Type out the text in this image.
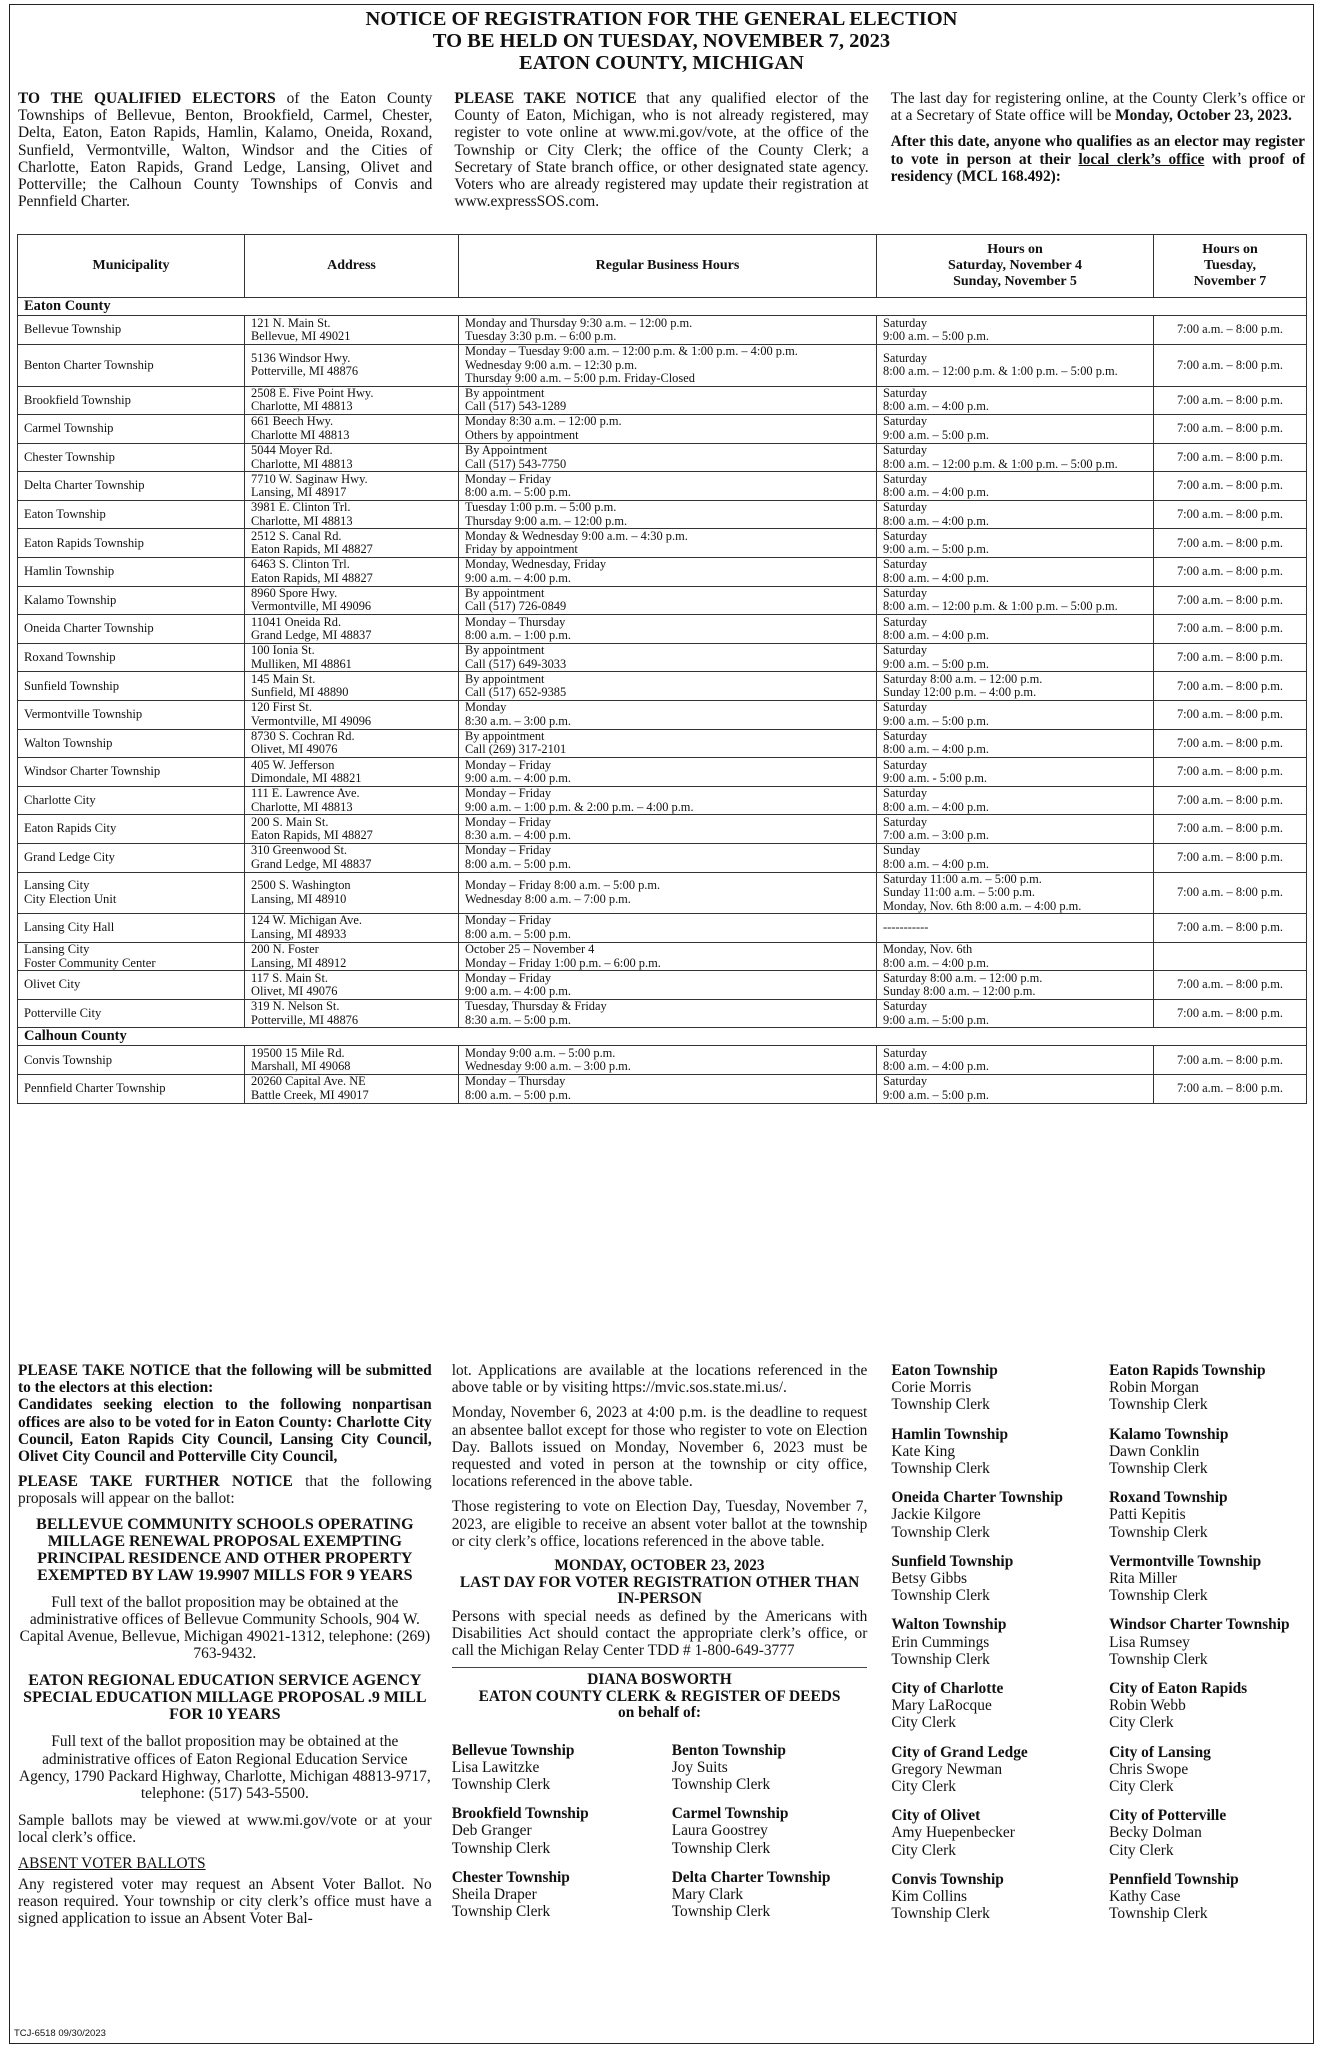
NOTICE OF REGISTRATION FOR THE GENERAL ELECTION
TO BE HELD ON TUESDAY, NOVEMBER 7, 2023
EATON COUNTY, MICHIGAN

TO THE QUALIFIED ELECTORS of the Eaton County Townships of Bellevue, Benton, Brookfield, Carmel, Chester, Delta, Eaton, Eaton Rapids, Hamlin, Kalamo, Oneida, Roxand, Sunfield, Vermontville, Walton, Windsor and the Cities of Charlotte, Eaton Rapids, Grand Ledge, Lansing, Olivet and Potterville; the Calhoun County Townships of Convis and Pennfield Charter.

PLEASE TAKE NOTICE that any qualified elector of the County of Eaton, Michigan, who is not already registered, may register to vote online at www.mi.gov/vote, at the office of the Township or City Clerk; the office of the County Clerk; a Secretary of State branch office, or other designated state agency. Voters who are already registered may update their registration at www.expressSOS.com.

The last day for registering online, at the County Clerk’s office or at a Secretary of State office will be Monday, October 23, 2023.

After this date, anyone who qualifies as an elector may register to vote in person at their local clerk’s office with proof of residency (MCL 168.492):

Municipality	Address	Regular Business Hours	Hours on
Saturday, November 4
Sunday, November 5	Hours on
Tuesday,
November 7
Eaton County				
Bellevue Township	121 N. Main St.
Bellevue, MI 49021	Monday and Thursday 9:30 a.m. – 12:00 p.m.
Tuesday 3:30 p.m. – 6:00 p.m.	Saturday
9:00 a.m. – 5:00 p.m.	7:00 a.m. – 8:00 p.m.
Benton Charter Township	5136 Windsor Hwy.
Potterville, MI 48876	Monday – Tuesday 9:00 a.m. – 12:00 p.m. & 1:00 p.m. – 4:00 p.m.
Wednesday 9:00 a.m. – 12:30 p.m.
Thursday 9:00 a.m. – 5:00 p.m. Friday-Closed	Saturday
8:00 a.m. – 12:00 p.m. & 1:00 p.m. – 5:00 p.m.	7:00 a.m. – 8:00 p.m.
Brookfield Township	2508 E. Five Point Hwy.
Charlotte, MI 48813	By appointment
Call (517) 543-1289	Saturday
8:00 a.m. – 4:00 p.m.	7:00 a.m. – 8:00 p.m.
Carmel Township	661 Beech Hwy.
Charlotte MI 48813	Monday 8:30 a.m. – 12:00 p.m.
Others by appointment	Saturday
9:00 a.m. – 5:00 p.m.	7:00 a.m. – 8:00 p.m.
Chester Township	5044 Moyer Rd.
Charlotte, MI 48813	By Appointment
Call (517) 543-7750	Saturday
8:00 a.m. – 12:00 p.m. & 1:00 p.m. – 5:00 p.m.	7:00 a.m. – 8:00 p.m.
Delta Charter Township	7710 W. Saginaw Hwy.
Lansing, MI 48917	Monday – Friday
8:00 a.m. – 5:00 p.m.	Saturday
8:00 a.m. – 4:00 p.m.	7:00 a.m. – 8:00 p.m.
Eaton Township	3981 E. Clinton Trl.
Charlotte, MI 48813	Tuesday 1:00 p.m. – 5:00 p.m.
Thursday 9:00 a.m. – 12:00 p.m.	Saturday
8:00 a.m. – 4:00 p.m.	7:00 a.m. – 8:00 p.m.
Eaton Rapids Township	2512 S. Canal Rd.
Eaton Rapids, MI 48827	Monday & Wednesday 9:00 a.m. – 4:30 p.m.
Friday by appointment	Saturday
9:00 a.m. – 5:00 p.m.	7:00 a.m. – 8:00 p.m.
Hamlin Township	6463 S. Clinton Trl.
Eaton Rapids, MI 48827	Monday, Wednesday, Friday
9:00 a.m. – 4:00 p.m.	Saturday
8:00 a.m. – 4:00 p.m.	7:00 a.m. – 8:00 p.m.
Kalamo Township	8960 Spore Hwy.
Vermontville, MI 49096	By appointment
Call (517) 726-0849	Saturday
8:00 a.m. – 12:00 p.m. & 1:00 p.m. – 5:00 p.m.	7:00 a.m. – 8:00 p.m.
Oneida Charter Township	11041 Oneida Rd.
Grand Ledge, MI 48837	Monday – Thursday
8:00 a.m. – 1:00 p.m.	Saturday
8:00 a.m. – 4:00 p.m.	7:00 a.m. – 8:00 p.m.
Roxand Township	100 Ionia St.
Mulliken, MI 48861	By appointment
Call (517) 649-3033	Saturday
9:00 a.m. – 5:00 p.m.	7:00 a.m. – 8:00 p.m.
Sunfield Township	145 Main St.
Sunfield, MI 48890	By appointment
Call (517) 652-9385	Saturday 8:00 a.m. – 12:00 p.m.
Sunday 12:00 p.m. – 4:00 p.m.	7:00 a.m. – 8:00 p.m.
Vermontville Township	120 First St.
Vermontville, MI 49096	Monday
8:30 a.m. – 3:00 p.m.	Saturday
9:00 a.m. – 5:00 p.m.	7:00 a.m. – 8:00 p.m.
Walton Township	8730 S. Cochran Rd.
Olivet, MI 49076	By appointment
Call (269) 317-2101	Saturday
8:00 a.m. – 4:00 p.m.	7:00 a.m. – 8:00 p.m.
Windsor Charter Township	405 W. Jefferson
Dimondale, MI 48821	Monday – Friday
9:00 a.m. – 4:00 p.m.	Saturday
9:00 a.m. - 5:00 p.m.	7:00 a.m. – 8:00 p.m.
Charlotte City	111 E. Lawrence Ave.
Charlotte, MI 48813	Monday – Friday
9:00 a.m. – 1:00 p.m. & 2:00 p.m. – 4:00 p.m.	Saturday
8:00 a.m. – 4:00 p.m.	7:00 a.m. – 8:00 p.m.
Eaton Rapids City	200 S. Main St.
Eaton Rapids, MI 48827	Monday – Friday
8:30 a.m. – 4:00 p.m.	Saturday
7:00 a.m. – 3:00 p.m.	7:00 a.m. – 8:00 p.m.
Grand Ledge City	310 Greenwood St.
Grand Ledge, MI 48837	Monday – Friday
8:00 a.m. – 5:00 p.m.	Sunday
8:00 a.m. – 4:00 p.m.	7:00 a.m. – 8:00 p.m.
Lansing City
City Election Unit	2500 S. Washington
Lansing, MI 48910	Monday – Friday 8:00 a.m. – 5:00 p.m.
Wednesday 8:00 a.m. – 7:00 p.m.	Saturday 11:00 a.m. – 5:00 p.m.
Sunday 11:00 a.m. – 5:00 p.m.
Monday, Nov. 6th 8:00 a.m. – 4:00 p.m.	7:00 a.m. – 8:00 p.m.
Lansing City Hall	124 W. Michigan Ave.
Lansing, MI 48933	Monday – Friday
8:00 a.m. – 5:00 p.m.	-----------	7:00 a.m. – 8:00 p.m.
Lansing City
Foster Community Center	200 N. Foster
Lansing, MI 48912	October 25 – November 4
Monday – Friday 1:00 p.m. – 6:00 p.m.	Monday, Nov. 6th
8:00 a.m. – 4:00 p.m.	
Olivet City	117 S. Main St.
Olivet, MI 49076	Monday – Friday
9:00 a.m. – 4:00 p.m.	Saturday 8:00 a.m. – 12:00 p.m.
Sunday 8:00 a.m. – 12:00 p.m.	7:00 a.m. – 8:00 p.m.
Potterville City	319 N. Nelson St.
Potterville, MI 48876	Tuesday, Thursday & Friday
8:30 a.m. – 5:00 p.m.	Saturday
9:00 a.m. – 5:00 p.m.	7:00 a.m. – 8:00 p.m.
Calhoun County				
Convis Township	19500 15 Mile Rd.
Marshall, MI 49068	Monday 9:00 a.m. – 5:00 p.m.
Wednesday 9:00 a.m. – 3:00 p.m.	Saturday
8:00 a.m. – 4:00 p.m.	7:00 a.m. – 8:00 p.m.
Pennfield Charter Township	20260 Capital Ave. NE
Battle Creek, MI 49017	Monday – Thursday
8:00 a.m. – 5:00 p.m.	Saturday
9:00 a.m. – 5:00 p.m.	7:00 a.m. – 8:00 p.m.

PLEASE TAKE NOTICE that the following will be submitted to the electors at this election:

Candidates seeking election to the following nonpartisan offices are also to be voted for in Eaton County: Charlotte City Council, Eaton Rapids City Council, Lansing City Council, Olivet City Council and Potterville City Council,

PLEASE TAKE FURTHER NOTICE that the following proposals will appear on the ballot:

BELLEVUE COMMUNITY SCHOOLS OPERATING MILLAGE RENEWAL PROPOSAL EXEMPTING PRINCIPAL RESIDENCE AND OTHER PROPERTY EXEMPTED BY LAW 19.9907 MILLS FOR 9 YEARS
Full text of the ballot proposition may be obtained at the administrative offices of Bellevue Community Schools, 904 W. Capital Avenue, Bellevue, Michigan 49021-1312, telephone: (269) 763-9432.
EATON REGIONAL EDUCATION SERVICE AGENCY SPECIAL EDUCATION MILLAGE PROPOSAL .9 MILL FOR 10 YEARS
Full text of the ballot proposition may be obtained at the administrative offices of Eaton Regional Education Service Agency, 1790 Packard Highway, Charlotte, Michigan 48813-9717, telephone: (517) 543-5500.

Sample ballots may be viewed at www.mi.gov/vote or at your local clerk’s office.

ABSENT VOTER BALLOTS

Any registered voter may request an Absent Voter Ballot. No reason required. Your township or city clerk’s office must have a signed application to issue an Absent Voter Bal-

lot. Applications are available at the locations referenced in the above table or by visiting https://mvic.sos.state.mi.us/.

Monday, November 6, 2023 at 4:00 p.m. is the deadline to request an absentee ballot except for those who register to vote on Election Day. Ballots issued on Monday, November 6, 2023 must be requested and voted in person at the township or city office, locations referenced in the above table.

Those registering to vote on Election Day, Tuesday, November 7, 2023, are eligible to receive an absent voter ballot at the township or city clerk’s office, locations referenced in the above table.

MONDAY, OCTOBER 23, 2023
LAST DAY FOR VOTER REGISTRATION OTHER THAN IN-PERSON

Persons with special needs as defined by the Americans with Disabilities Act should contact the appropriate clerk’s office, or call the Michigan Relay Center TDD # 1-800-649-3777

DIANA BOSWORTH
EATON COUNTY CLERK & REGISTER OF DEEDS
on behalf of:
Bellevue Township
Lisa Lawitzke
Township Clerk
Benton Township
Joy Suits
Township Clerk
Brookfield Township
Deb Granger
Township Clerk
Carmel Township
Laura Goostrey
Township Clerk
Chester Township
Sheila Draper
Township Clerk
Delta Charter Township
Mary Clark
Township Clerk
Eaton Township
Corie Morris
Township Clerk
Hamlin Township
Kate King
Township Clerk
Oneida Charter Township
Jackie Kilgore
Township Clerk
Sunfield Township
Betsy Gibbs
Township Clerk
Walton Township
Erin Cummings
Township Clerk
City of Charlotte
Mary LaRocque
City Clerk
City of Grand Ledge
Gregory Newman
City Clerk
City of Olivet
Amy Huepenbecker
City Clerk
Convis Township
Kim Collins
Township Clerk
Eaton Rapids Township
Robin Morgan
Township Clerk
Kalamo Township
Dawn Conklin
Township Clerk
Roxand Township
Patti Kepitis
Township Clerk
Vermontville Township
Rita Miller
Township Clerk
Windsor Charter Township
Lisa Rumsey
Township Clerk
City of Eaton Rapids
Robin Webb
City Clerk
City of Lansing
Chris Swope
City Clerk
City of Potterville
Becky Dolman
City Clerk
Pennfield Township
Kathy Case
Township Clerk
TCJ-6518 09/30/2023
